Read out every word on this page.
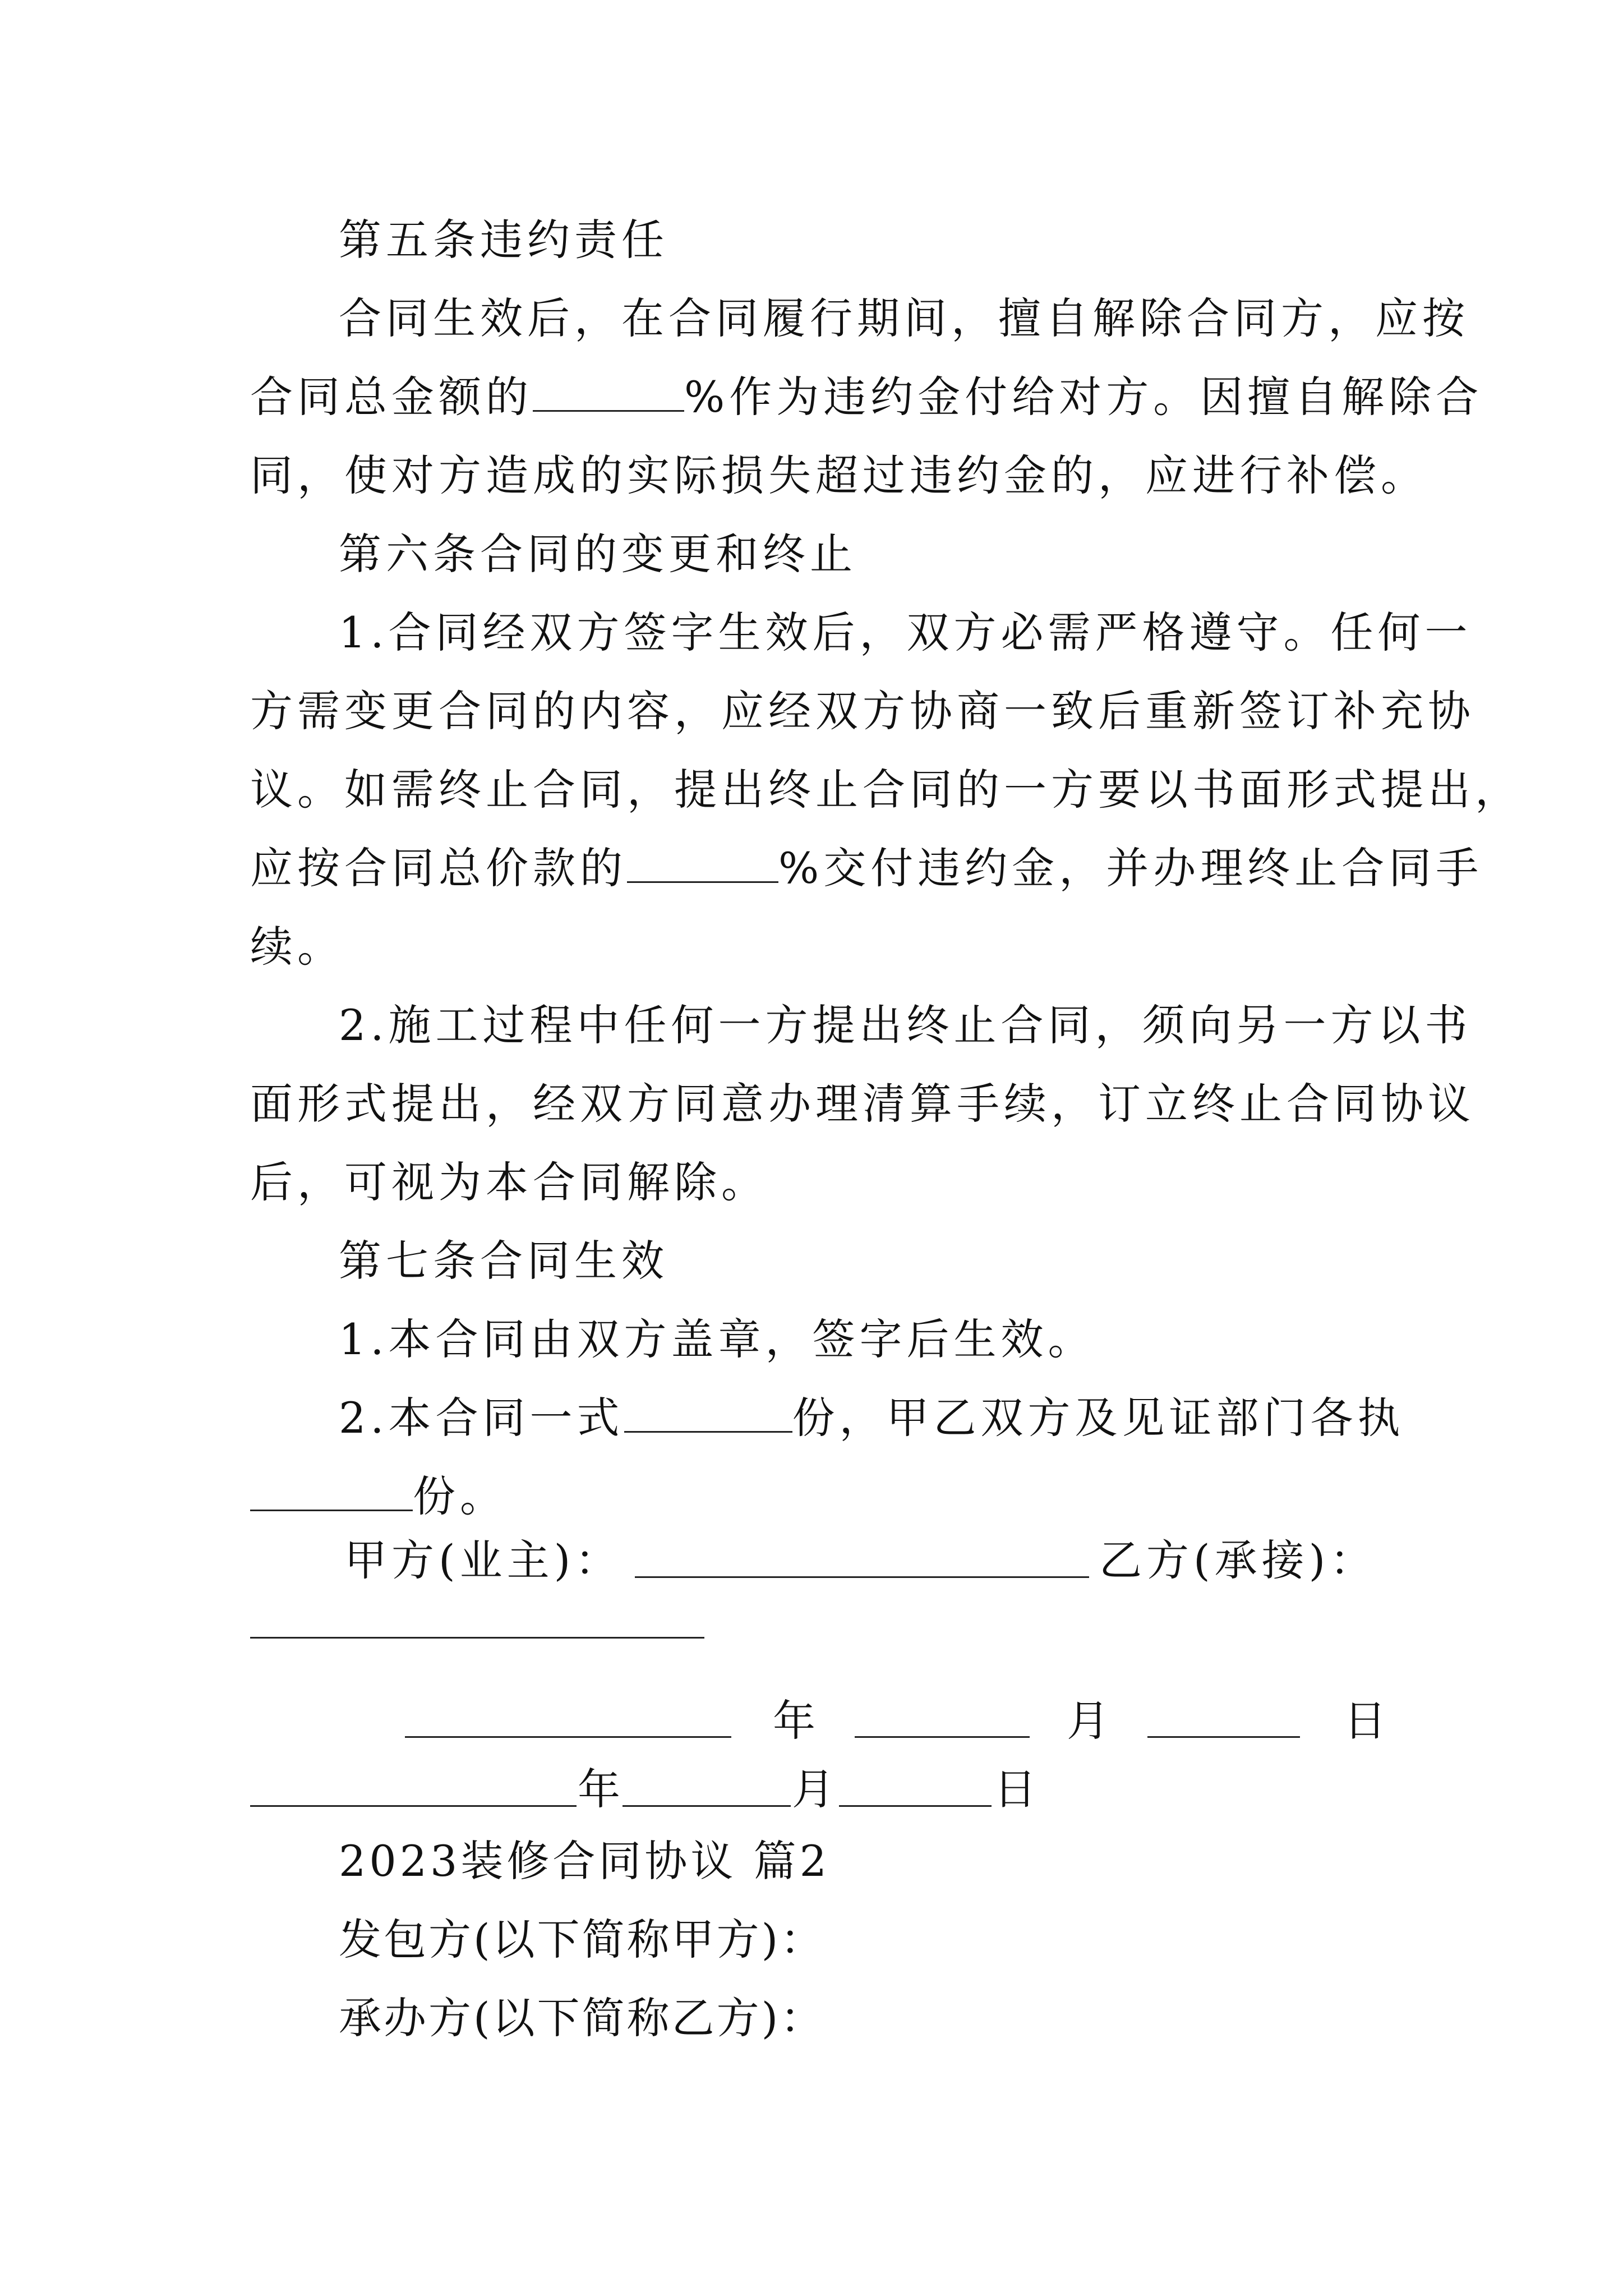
第五条违约责任

合同生效后，在合同履行期间，擅自解除合同方，应按

合同总金额的	%作为违约金付给对方。因擅自解除合

同，使对方造成的实际损失超过违约金的，应进行补偿。

第六条合同的变更和终止

1.合同经双方签字生效后，双方必需严格遵守。任何一

方需变更合同的内容，应经双方协商一致后重新签订补充协

议。如需终止合同，提出终止合同的一方要以书面形式提出，

应按合同总价款的	%交付违约金，并办理终止合同手

续。

2.施工过程中任何一方提出终止合同，须向另一方以书

面形式提出，经双方同意办理清算手续，订立终止合同协议

后，可视为本合同解除。

第七条合同生效

1.本合同由双方盖章，签字后生效。

2.本合同一式	份，甲乙双方及见证部门各执

份。

甲方(业主)：	乙方(承接)：
年	月	日
年	月	日

2023装修合同协议 篇2

发包方(以下简称甲方)：

承办方(以下简称乙方)：
